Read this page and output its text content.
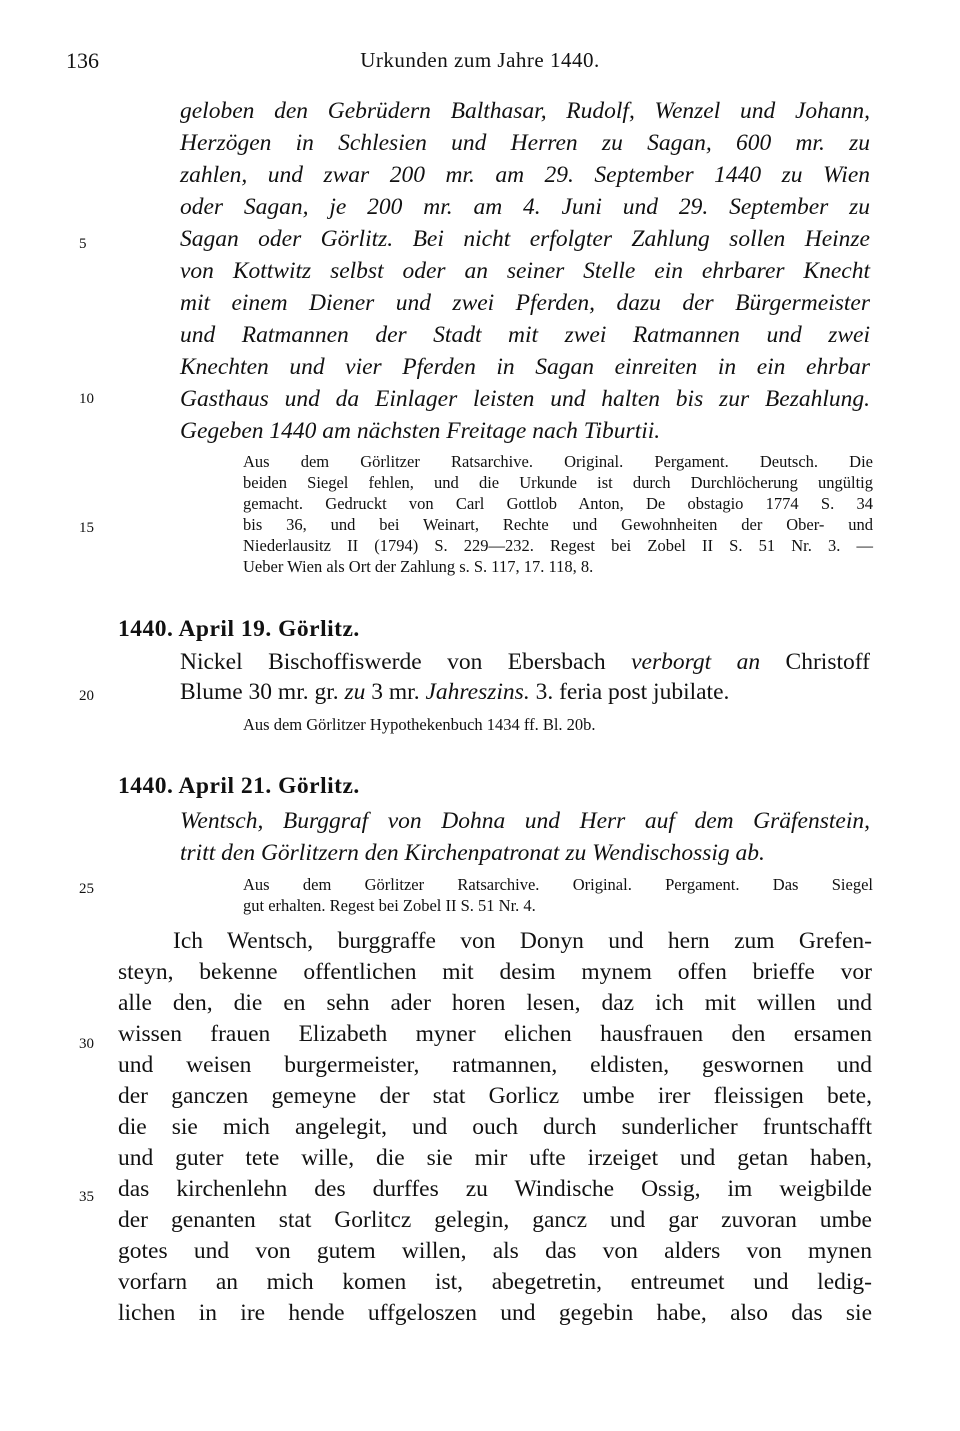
136	Urkunden zum Jahre 1440.
5
10
15
20
25
30
35
geloben den Gebrüdern Balthasar, Rudolf, Wenzel und Johann,
Herzögen in Schlesien und Herren zu Sagan, 600 mr. zu
zahlen, und zwar 200 mr. am 29. September 1440 zu Wien
oder Sagan, je 200 mr. am 4. Juni und 29. September zu
Sagan oder Görlitz. Bei nicht erfolgter Zahlung sollen Heinze
von Kottwitz selbst oder an seiner Stelle ein ehrbarer Knecht
mit einem Diener und zwei Pferden, dazu der Bürgermeister
und Ratmannen der Stadt mit zwei Ratmannen und zwei
Knechten und vier Pferden in Sagan einreiten in ein ehrbar
Gasthaus und da Einlager leisten und halten bis zur Bezahlung.
Gegeben 1440 am nächsten Freitage nach Tiburtii.
Aus dem Görlitzer Ratsarchive. Original. Pergament. Deutsch. Die
beiden Siegel fehlen, und die Urkunde ist durch Durchlöcherung ungültig
gemacht. Gedruckt von Carl Gottlob Anton, De obstagio 1774 S. 34
bis 36, und bei Weinart, Rechte und Gewohnheiten der Ober- und
Niederlausitz II (1794) S. 229—232. Regest bei Zobel II S. 51 Nr. 3. —
Ueber Wien als Ort der Zahlung s. S. 117, 17. 118, 8.
1440. April 19. Görlitz.
Nickel Bischoffiswerde von Ebersbach verborgt an Christoff
Blume 30 mr. gr. zu 3 mr. Jahreszins. 3. feria post jubilate.
Aus dem Görlitzer Hypothekenbuch 1434 ff. Bl. 20b.
1440. April 21. Görlitz.
Wentsch, Burggraf von Dohna und Herr auf dem Gräfenstein,
tritt den Görlitzern den Kirchenpatronat zu Wendischossig ab.
Aus dem Görlitzer Ratsarchive. Original. Pergament. Das Siegel
gut erhalten. Regest bei Zobel II S. 51 Nr. 4.
Ich Wentsch, burggraffe von Donyn und hern zum Grefen-
steyn, bekenne offentlichen mit desim mynem offen brieffe vor
alle den, die en sehn ader horen lesen, daz ich mit willen und
wissen frauen Elizabeth myner elichen hausfrauen den ersamen
und weisen burgermeister, ratmannen, eldisten, geswornen und
der ganczen gemeyne der stat Gorlicz umbe irer fleissigen bete,
die sie mich angelegit, und ouch durch sunderlicher fruntschafft
und guter tete wille, die sie mir ufte irzeiget und getan haben,
das kirchenlehn des durffes zu Windische Ossig, im weigbilde
der genanten stat Gorlitcz gelegin, gancz und gar zuvoran umbe
gotes und von gutem willen, als das von alders von mynen
vorfarn an mich komen ist, abegetretin, entreumet und ledig-
lichen in ire hende uffgeloszen und gegebin habe, also das sie
